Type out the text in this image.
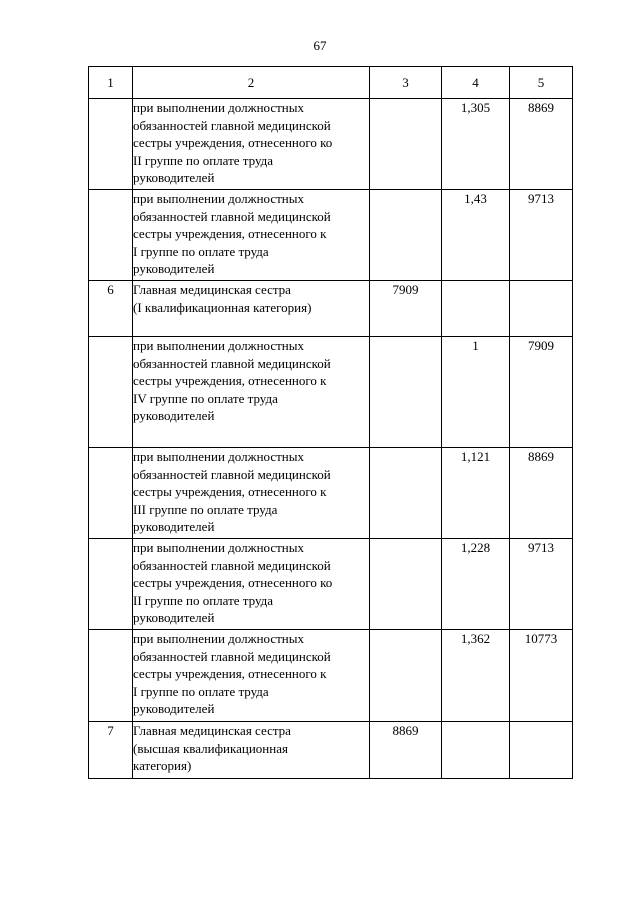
67
1	2	3	4	5

	при выполнении должностных
обязанностей главной медицинской
сестры учреждения, отнесенного ко
II группе по оплате труда
руководителей		1,305	8869

	при выполнении должностных
обязанностей главной медицинской
сестры учреждения, отнесенного к
I группе по оплате труда
руководителей		1,43	9713
6	Главная медицинская сестра
(I квалификационная категория)	7909		

	при выполнении должностных
обязанностей главной медицинской
сестры учреждения, отнесенного к
IV группе по оплате труда
руководителей		1	7909

	при выполнении должностных
обязанностей главной медицинской
сестры учреждения, отнесенного к
III группе по оплате труда
руководителей		1,121	8869

	при выполнении должностных
обязанностей главной медицинской
сестры учреждения, отнесенного ко
II группе по оплате труда
руководителей		1,228	9713

	при выполнении должностных
обязанностей главной медицинской
сестры учреждения, отнесенного к
I группе по оплате труда
руководителей		1,362	10773
7	Главная медицинская сестра
(высшая квалификационная
категория)	8869		
